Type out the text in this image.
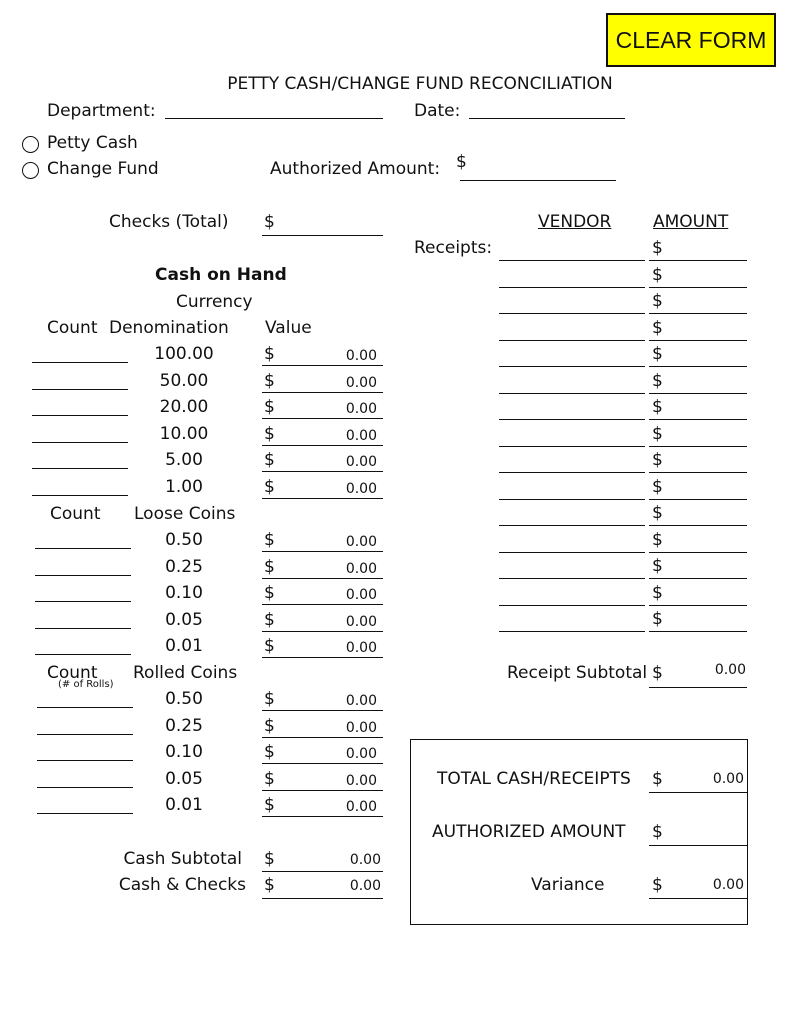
CLEAR FORM
PETTY CASH/CHANGE FUND RECONCILIATION
Department:	Date:
Petty Cash
Change Fund	Authorized Amount: $
Checks (Total) $
Cash on Hand
Currency
Count Denomination Value
100.00	$	0.00
50.00	$	0.00
20.00	$	0.00
10.00	$	0.00
5.00	$	0.00
1.00	$	0.00
Count Loose Coins
0.50	$	0.00
0.25	$	0.00
0.10	$	0.00
0.05	$	0.00
0.01	$	0.00
Count
(# of Rolls)
Rolled Coins
0.50	$	0.00
0.25	$	0.00
0.10	$	0.00
0.05	$	0.00
0.01	$	0.00
Cash Subtotal $	0.00
Cash & Checks $	0.00
VENDOR AMOUNT
Receipts:	$
$
$
$
$
$
$
$
$
$
$
$
$
$
$
Receipt Subtotal $	0.00
TOTAL CASH/RECEIPTS $	0.00
AUTHORIZED AMOUNT $
Variance	$	0.00
